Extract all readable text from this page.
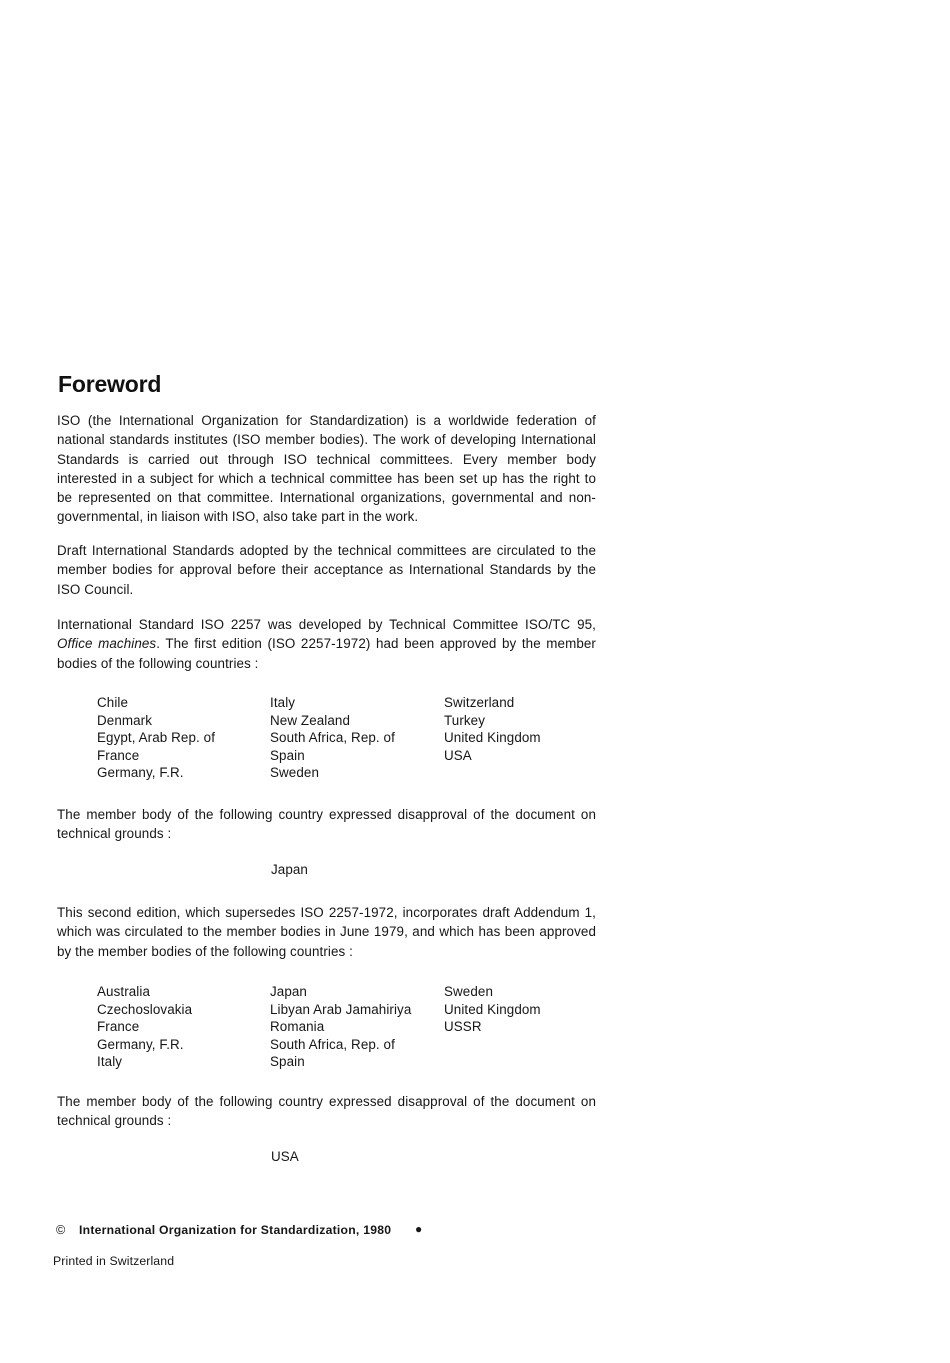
Foreword

ISO (the International Organization for Standardization) is a worldwide federation of national standards institutes (ISO member bodies). The work of developing International Standards is carried out through ISO technical committees. Every member body interested in a subject for which a technical committee has been set up has the right to be represented on that committee. International organizations, governmental and non-governmental, in liaison with ISO, also take part in the work.

Draft International Standards adopted by the technical committees are circulated to the member bodies for approval before their acceptance as International Standards by the ISO Council.

International Standard ISO 2257 was developed by Technical Committee ISO/TC 95, Office machines. The first edition (ISO 2257-1972) had been approved by the member bodies of the following countries :

Chile
Denmark
Egypt, Arab Rep. of
France
Germany, F.R.
Italy
New Zealand
South Africa, Rep. of
Spain
Sweden
Switzerland
Turkey
United Kingdom
USA

The member body of the following country expressed disapproval of the document on technical grounds :

Japan

This second edition, which supersedes ISO 2257-1972, incorporates draft Addendum 1, which was circulated to the member bodies in June 1979, and which has been approved by the member bodies of the following countries :

Australia
Czechoslovakia
France
Germany, F.R.
Italy
Japan
Libyan Arab Jamahiriya
Romania
South Africa, Rep. of
Spain
Sweden
United Kingdom
USSR

The member body of the following country expressed disapproval of the document on technical grounds :

USA
© International Organization for Standardization, 1980 ●
Printed in Switzerland
